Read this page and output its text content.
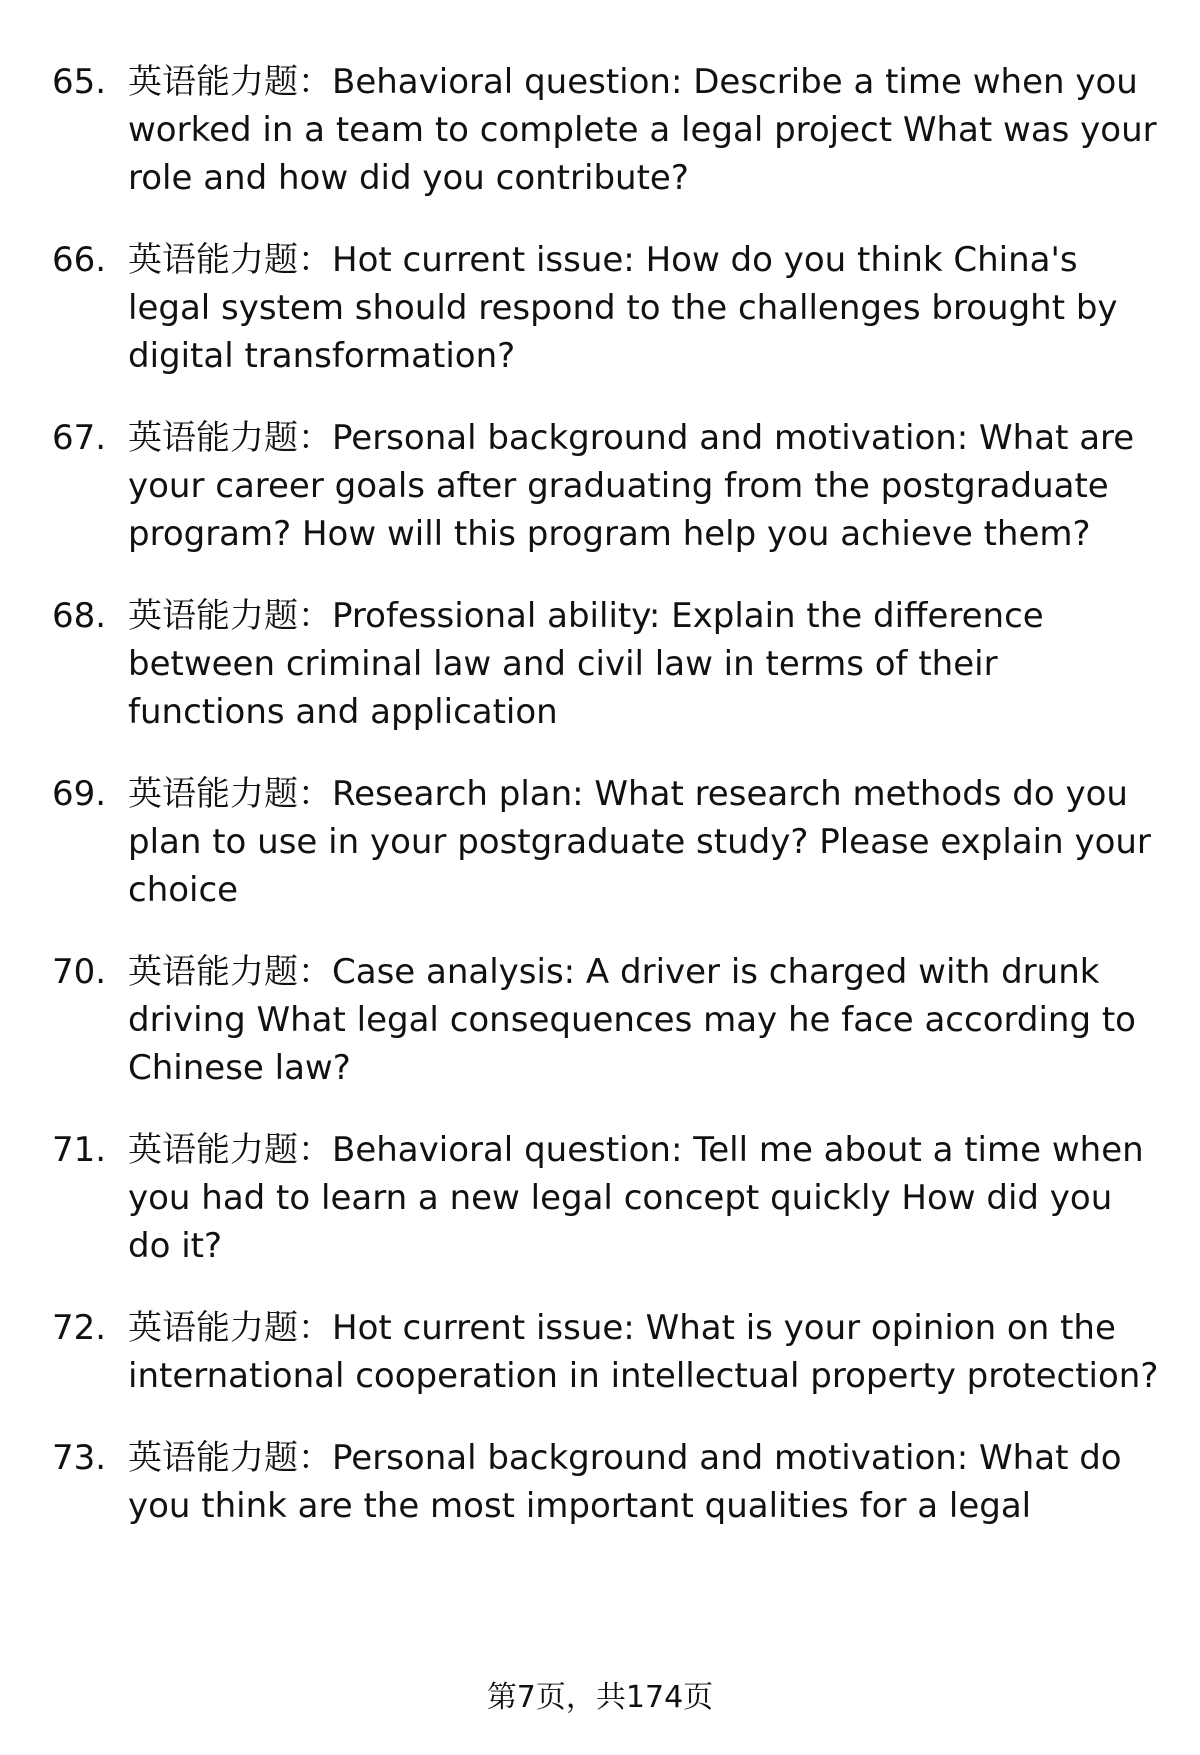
65. 英语能力题：Behavioral question: Describe a time when you worked in a team to complete a legal project What was your role and how did you contribute?
66. 英语能力题：Hot current issue: How do you think China's legal system should respond to the challenges brought by digital transformation?
67. 英语能力题：Personal background and motivation: What are your career goals after graduating from the postgraduate program? How will this program help you achieve them?
68. 英语能力题：Professional ability: Explain the difference between criminal law and civil law in terms of their functions and application
69. 英语能力题：Research plan: What research methods do you plan to use in your postgraduate study? Please explain your choice
70. 英语能力题：Case analysis: A driver is charged with drunk driving What legal consequences may he face according to Chinese law?
71. 英语能力题：Behavioral question: Tell me about a time when you had to learn a new legal concept quickly How did you do it?
72. 英语能力题：Hot current issue: What is your opinion on the international cooperation in intellectual property protection?
73. 英语能力题：Personal background and motivation: What do you think are the most important qualities for a legal
第7页，共174页
